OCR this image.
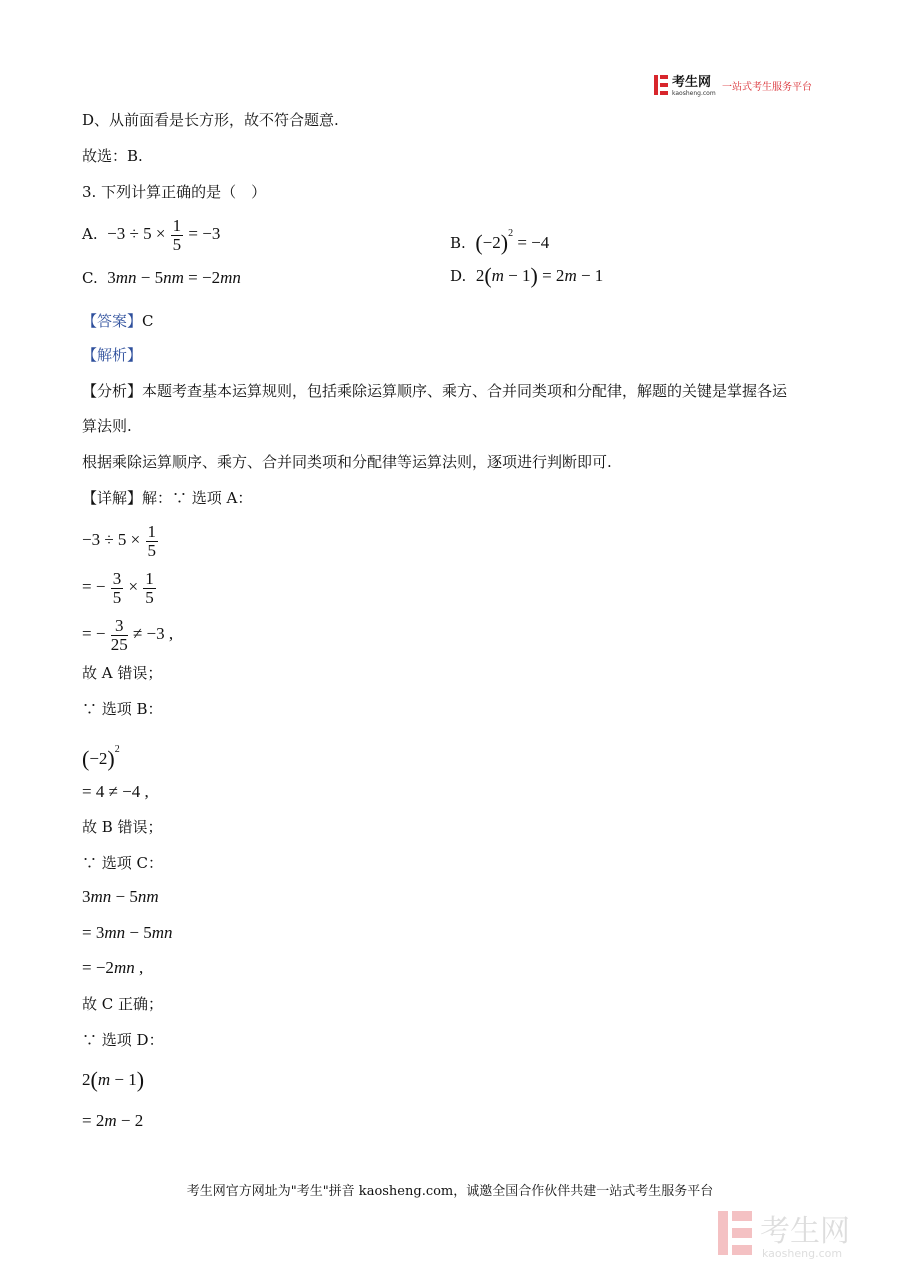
考生网
kaosheng.com
一站式考生服务平台
D、从前面看是长方形，故不符合题意.
故选：B.
3. 下列计算正确的是（　）
A. $-3 \div 5 \times \frac{1}{5} = -3$	B. $(-2)^2 = -4$
C. 3mn − 5nm = −2mn	D. 2(m − 1) = 2m − 1
【答案】C
【解析】
【分析】本题考查基本运算规则，包括乘除运算顺序、乘方、合并同类项和分配律，解题的关键是掌握各运
算法则.
根据乘除运算顺序、乘方、合并同类项和分配律等运算法则，逐项进行判断即可.
【详解】解：∵ 选项 A：
$-3 \div 5 \times \frac{1}{5}$
= − $\frac{3}{5} \times \frac{1}{5}$
= − $\frac{3}{25} \ne -3$ ,
故 A 错误；
∵ 选项 B：
$(-2)^2$
= 4 ≠ −4 ,
故 B 错误；
∵ 选项 C：
3mn − 5nm
= 3mn − 5mn
= −2mn ,
故 C 正确；
∵ 选项 D：
2(m − 1)
= 2m − 2
考生网官方网址为"考生"拼音 kaosheng.com，诚邀全国合作伙伴共建一站式考生服务平台
考生网
kaosheng.com
